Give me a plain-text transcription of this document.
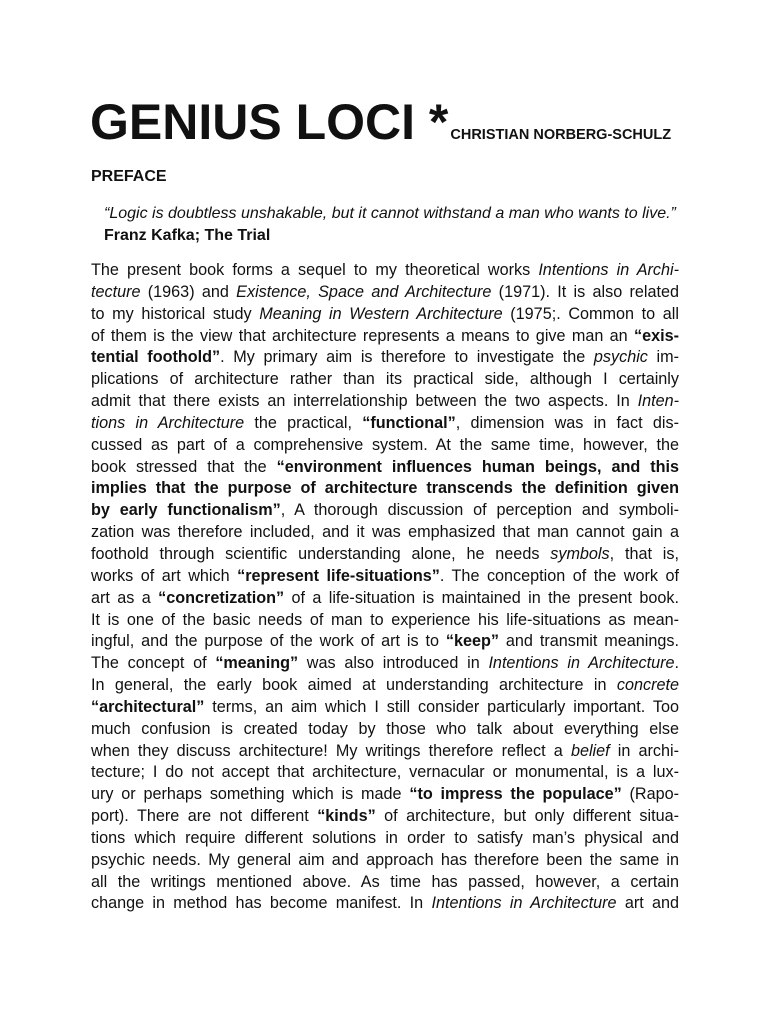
GENIUS LOCI * CHRISTIAN NORBERG-SCHULZ
PREFACE
“Logic is doubtless unshakable, but it cannot withstand a man who wants to live.” Franz Kafka; The Trial
The present book forms a sequel to my theoretical works Intentions in Archi-
tecture (1963) and Existence, Space and Architecture (1971). It is also related
to my historical study Meaning in Western Architecture (1975;. Common to all
of them is the view that architecture represents a means to give man an “exis-
tential foothold”. My primary aim is therefore to investigate the psychic im-
plications of architecture rather than its practical side, although I certainly
admit that there exists an interrelationship between the two aspects. In Inten-
tions in Architecture the practical, “functional”, dimension was in fact dis-
cussed as part of a comprehensive system. At the same time, however, the
book stressed that the “environment influences human beings, and this
implies that the purpose of architecture transcends the definition given
by early functionalism”, A thorough discussion of perception and symboli-
zation was therefore included, and it was emphasized that man cannot gain a
foothold through scientific understanding alone, he needs symbols, that is,
works of art which “represent life-situations”. The conception of the work of
art as a “concretization” of a life-situation is maintained in the present book.
It is one of the basic needs of man to experience his life-situations as mean-
ingful, and the purpose of the work of art is to “keep” and transmit meanings.
The concept of “meaning” was also introduced in Intentions in Architecture.
In general, the early book aimed at understanding architecture in concrete
“architectural” terms, an aim which I still consider particularly important. Too
much confusion is created today by those who talk about everything else
when they discuss architecture! My writings therefore reflect a belief in archi-
tecture; I do not accept that architecture, vernacular or monumental, is a lux-
ury or perhaps something which is made “to impress the populace” (Rapo-
port). There are not different “kinds” of architecture, but only different situa-
tions which require different solutions in order to satisfy man’s physical and
psychic needs. My general aim and approach has therefore been the same in
all the writings mentioned above. As time has passed, however, a certain
change in method has become manifest. In Intentions in Architecture art and
